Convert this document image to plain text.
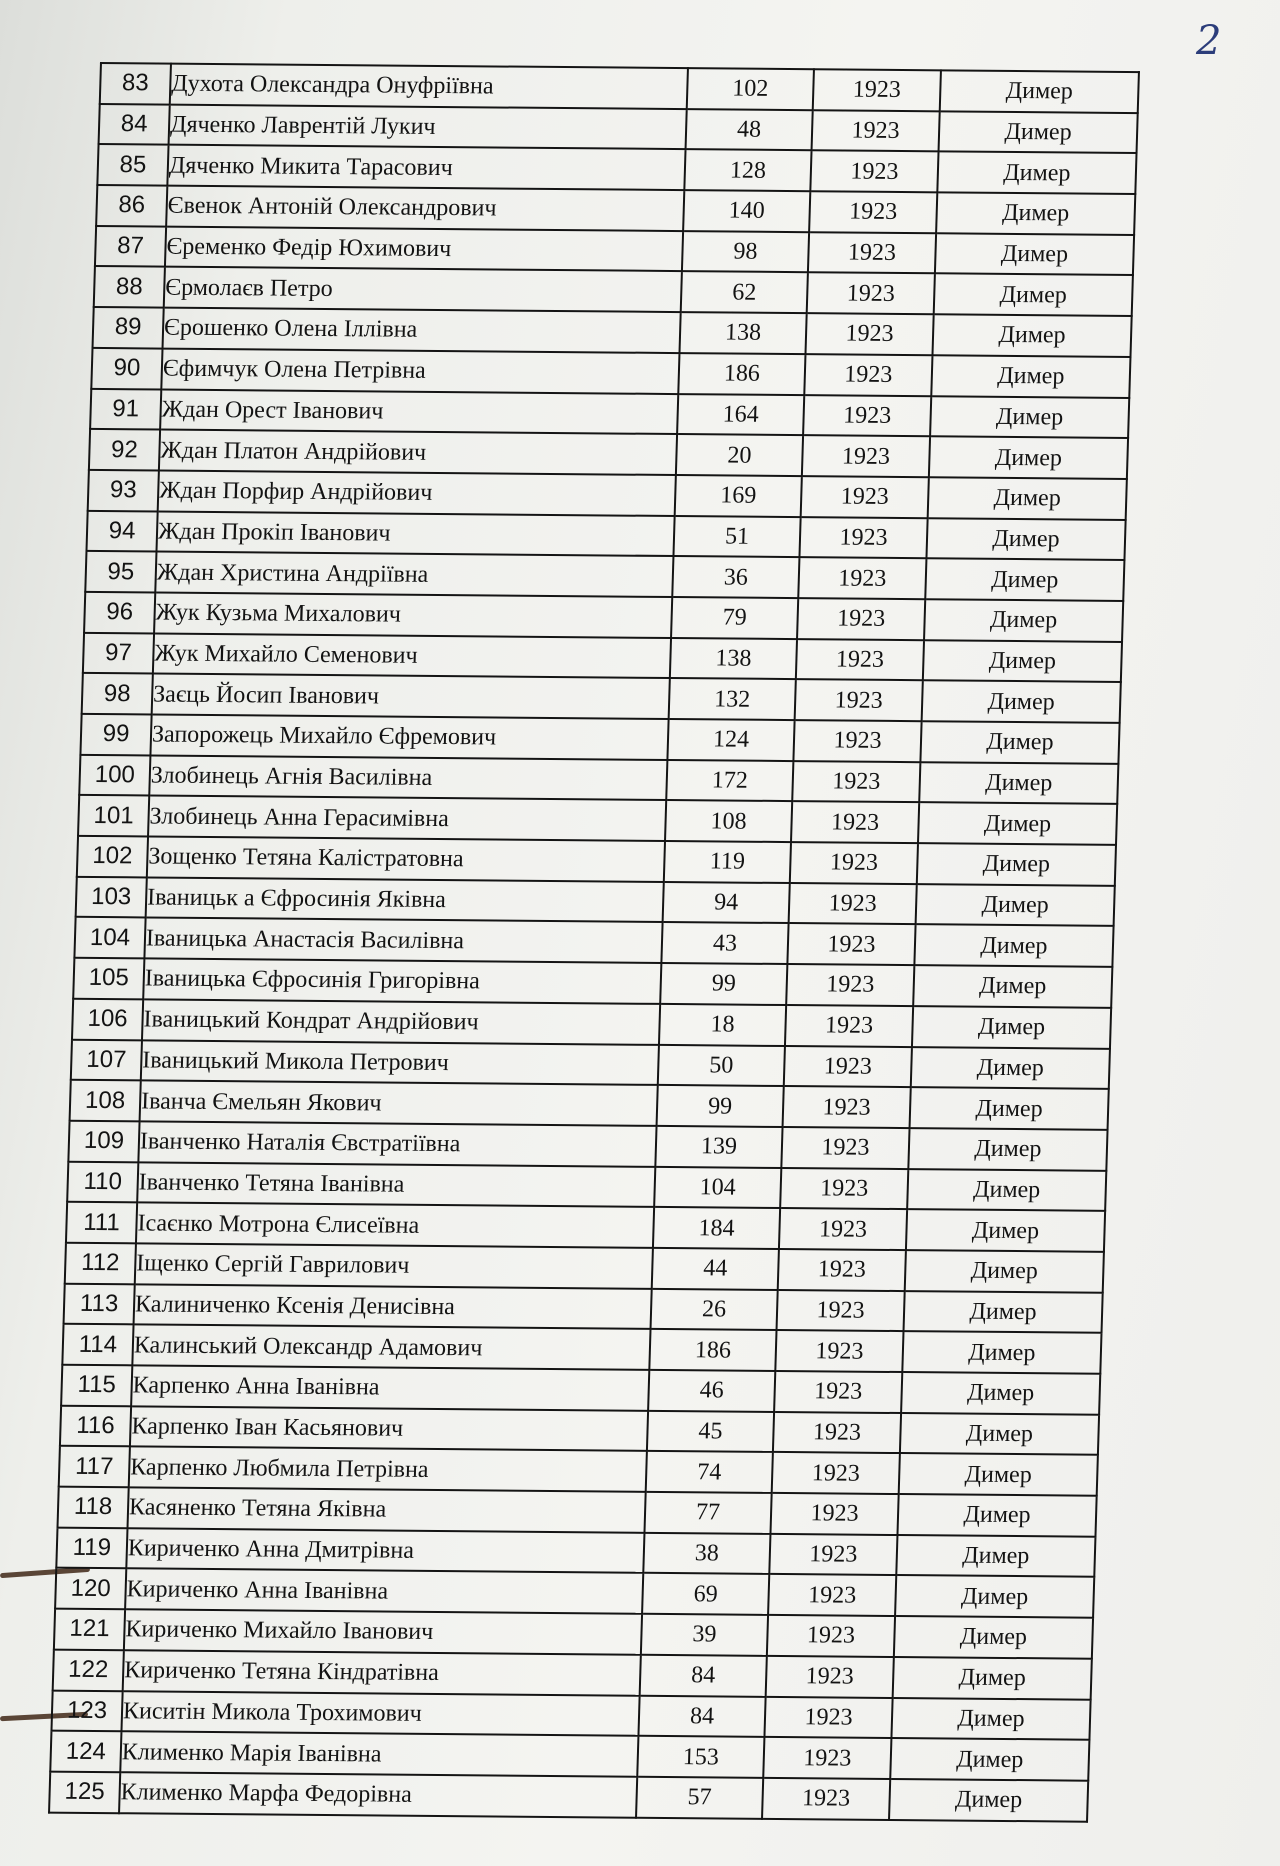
2
83	Духота Олександра Онуфріївна	102	1923	Димер
84	Дяченко Лаврентій Лукич	48	1923	Димер
85	Дяченко Микита Тарасович	128	1923	Димер
86	Євенок Антоній Олександрович	140	1923	Димер
87	Єременко Федір Юхимович	98	1923	Димер
88	Єрмолаєв Петро	62	1923	Димер
89	Єрошенко Олена Іллівна	138	1923	Димер
90	Єфимчук Олена Петрівна	186	1923	Димер
91	Ждан Орест Іванович	164	1923	Димер
92	Ждан Платон Андрійович	20	1923	Димер
93	Ждан Порфир Андрійович	169	1923	Димер
94	Ждан Прокіп Іванович	51	1923	Димер
95	Ждан Христина Андріївна	36	1923	Димер
96	Жук Кузьма Михалович	79	1923	Димер
97	Жук Михайло Семенович	138	1923	Димер
98	Заєць Йосип Іванович	132	1923	Димер
99	Запорожець Михайло Єфремович	124	1923	Димер
100	Злобинець Агнія Василівна	172	1923	Димер
101	Злобинець Анна Герасимівна	108	1923	Димер
102	Зощенко Тетяна Калістратовна	119	1923	Димер
103	Іваницьк а Єфросинія Яківна	94	1923	Димер
104	Іваницька Анастасія Василівна	43	1923	Димер
105	Іваницька Єфросинія Григорівна	99	1923	Димер
106	Іваницький Кондрат Андрійович	18	1923	Димер
107	Іваницький Микола Петрович	50	1923	Димер
108	Іванча Ємельян Якович	99	1923	Димер
109	Іванченко Наталія Євстратіївна	139	1923	Димер
110	Іванченко Тетяна Іванівна	104	1923	Димер
111	Ісаєнко Мотрона Єлисеївна	184	1923	Димер
112	Іщенко Сергій Гаврилович	44	1923	Димер
113	Калиниченко Ксенія Денисівна	26	1923	Димер
114	Калинський Олександр Адамович	186	1923	Димер
115	Карпенко Анна Іванівна	46	1923	Димер
116	Карпенко Іван Касьянович	45	1923	Димер
117	Карпенко Любмила Петрівна	74	1923	Димер
118	Касяненко Тетяна Яківна	77	1923	Димер
119	Кириченко Анна Дмитрівна	38	1923	Димер
120	Кириченко Анна Іванівна	69	1923	Димер
121	Кириченко Михайло Іванович	39	1923	Димер
122	Кириченко Тетяна Кіндратівна	84	1923	Димер
123	Киситін Микола Трохимович	84	1923	Димер
124	Клименко Марія Іванівна	153	1923	Димер
125	Клименко Марфа Федорівна	57	1923	Димер
